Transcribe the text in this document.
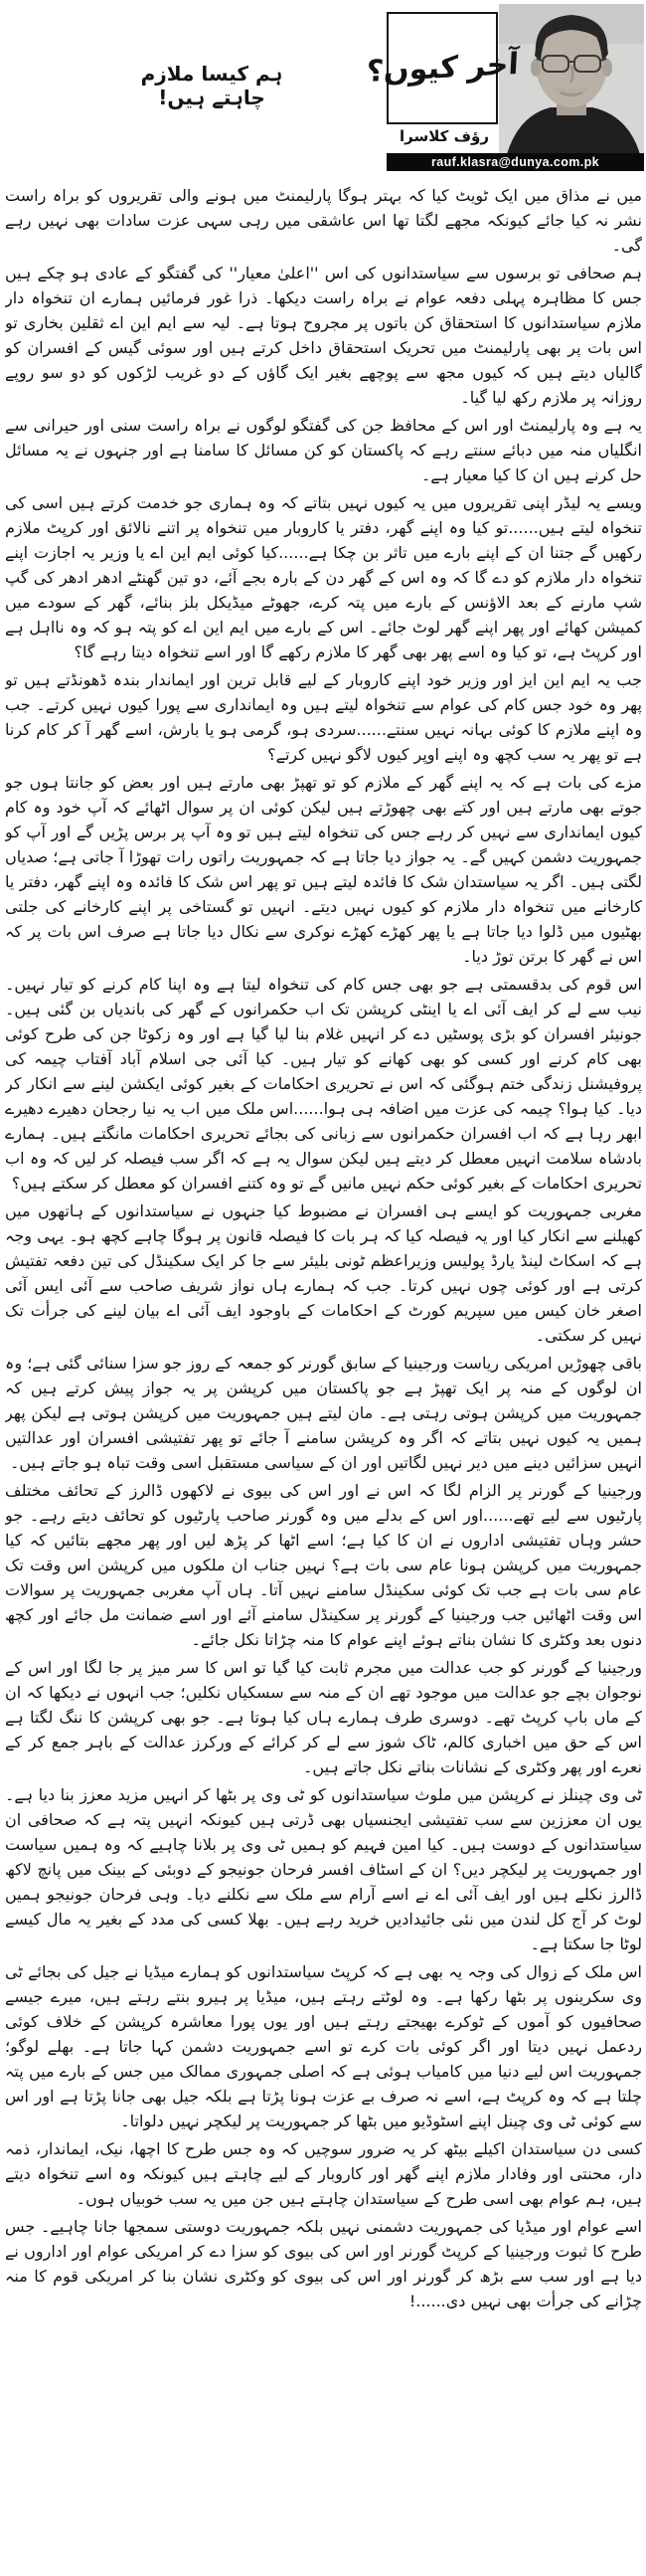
آخر کیوں؟
رؤف کلاسرا
rauf.klasra@dunya.com.pk
ہم کیسا ملازم چاہتے ہیں!

میں نے مذاق میں ایک ٹویٹ کیا کہ بہتر ہوگا پارلیمنٹ میں ہونے والی تقریروں کو براہ راست نشر نہ کیا جائے کیونکہ مجھے لگتا تھا اس عاشقی میں رہی سہی عزت سادات بھی نہیں رہے گی۔

ہم صحافی تو برسوں سے سیاستدانوں کی اس ''اعلیٰ معیار'' کی گفتگو کے عادی ہو چکے ہیں جس کا مظاہرہ پہلی دفعہ عوام نے براہ راست دیکھا۔ ذرا غور فرمائیں ہمارے ان تنخواہ دار ملازم سیاستدانوں کا استحقاق کن باتوں پر مجروح ہوتا ہے۔ لیہ سے ایم این اے ثقلین بخاری تو اس بات پر بھی پارلیمنٹ میں تحریک استحقاق داخل کرتے ہیں اور سوئی گیس کے افسران کو گالیاں دیتے ہیں کہ کیوں مجھ سے پوچھے بغیر ایک گاؤں کے دو غریب لڑکوں کو دو سو روپے روزانہ پر ملازم رکھ لیا گیا۔

یہ ہے وہ پارلیمنٹ اور اس کے محافظ جن کی گفتگو لوگوں نے براہ راست سنی اور حیرانی سے انگلیاں منہ میں دبائے سنتے رہے کہ پاکستان کو کن مسائل کا سامنا ہے اور جنہوں نے یہ مسائل حل کرنے ہیں ان کا کیا معیار ہے۔

ویسے یہ لیڈر اپنی تقریروں میں یہ کیوں نہیں بتاتے کہ وہ ہماری جو خدمت کرتے ہیں اسی کی تنخواہ لیتے ہیں......تو کیا وہ اپنے گھر، دفتر یا کاروبار میں تنخواہ پر اتنے نالائق اور کرپٹ ملازم رکھیں گے جتنا ان کے اپنے بارے میں تاثر بن چکا ہے......کیا کوئی ایم این اے یا وزیر یہ اجازت اپنے تنخواہ دار ملازم کو دے گا کہ وہ اس کے گھر دن کے بارہ بجے آئے، دو تین گھنٹے ادھر ادھر کی گپ شپ مارنے کے بعد الاؤنس کے بارے میں پتہ کرے، جھوٹے میڈیکل بلز بنائے، گھر کے سودے میں کمیشن کھائے اور پھر اپنے گھر لوٹ جائے۔ اس کے بارے میں ایم این اے کو پتہ ہو کہ وہ نااہل ہے اور کرپٹ ہے، تو کیا وہ اسے پھر بھی گھر کا ملازم رکھے گا اور اسے تنخواہ دیتا رہے گا؟

جب یہ ایم این ایز اور وزیر خود اپنے کاروبار کے لیے قابل ترین اور ایماندار بندہ ڈھونڈتے ہیں تو پھر وہ خود جس کام کی عوام سے تنخواہ لیتے ہیں وہ ایمانداری سے پورا کیوں نہیں کرتے۔ جب وہ اپنے ملازم کا کوئی بہانہ نہیں سنتے......سردی ہو، گرمی ہو یا بارش، اسے گھر آ کر کام کرنا ہے تو پھر یہ سب کچھ وہ اپنے اوپر کیوں لاگو نہیں کرتے؟

مزے کی بات ہے کہ یہ اپنے گھر کے ملازم کو تو تھپڑ بھی مارتے ہیں اور بعض کو جانتا ہوں جو جوتے بھی مارتے ہیں اور کتے بھی چھوڑتے ہیں لیکن کوئی ان پر سوال اٹھائے کہ آپ خود وہ کام کیوں ایمانداری سے نہیں کر رہے جس کی تنخواہ لیتے ہیں تو وہ آپ پر برس پڑیں گے اور آپ کو جمہوریت دشمن کہیں گے۔ یہ جواز دیا جاتا ہے کہ جمہوریت راتوں رات تھوڑا آ جاتی ہے؛ صدیاں لگتی ہیں۔ اگر یہ سیاستدان شک کا فائدہ لیتے ہیں تو پھر اس شک کا فائدہ وہ اپنے گھر، دفتر یا کارخانے میں تنخواہ دار ملازم کو کیوں نہیں دیتے۔ انہیں تو گستاخی پر اپنے کارخانے کی جلتی بھٹیوں میں ڈلوا دیا جاتا ہے یا پھر کھڑے کھڑے نوکری سے نکال دیا جاتا ہے صرف اس بات پر کہ اس نے گھر کا برتن توڑ دیا۔

اس قوم کی بدقسمتی ہے جو بھی جس کام کی تنخواہ لیتا ہے وہ اپنا کام کرنے کو تیار نہیں۔ نیب سے لے کر ایف آئی اے یا اینٹی کرپشن تک اب حکمرانوں کے گھر کی باندیاں بن گئی ہیں۔ جونیئر افسران کو بڑی پوسٹیں دے کر انہیں غلام بنا لیا گیا ہے اور وہ زکوٹا جن کی طرح کوئی بھی کام کرنے اور کسی کو بھی کھانے کو تیار ہیں۔ کیا آئی جی اسلام آباد آفتاب چیمہ کی پروفیشنل زندگی ختم ہوگئی کہ اس نے تحریری احکامات کے بغیر کوئی ایکشن لینے سے انکار کر دیا۔ کیا ہوا؟ چیمہ کی عزت میں اضافہ ہی ہوا......اس ملک میں اب یہ نیا رجحان دھیرے دھیرے ابھر رہا ہے کہ اب افسران حکمرانوں سے زبانی کی بجائے تحریری احکامات مانگتے ہیں۔ ہمارے بادشاہ سلامت انہیں معطل کر دیتے ہیں لیکن سوال یہ ہے کہ اگر سب فیصلہ کر لیں کہ وہ اب تحریری احکامات کے بغیر کوئی حکم نہیں مانیں گے تو وہ کتنے افسران کو معطل کر سکتے ہیں؟

مغربی جمہوریت کو ایسے ہی افسران نے مضبوط کیا جنہوں نے سیاستدانوں کے ہاتھوں میں کھیلنے سے انکار کیا اور یہ فیصلہ کیا کہ ہر بات کا فیصلہ قانون پر ہوگا چاہے کچھ ہو۔ یہی وجہ ہے کہ اسکاٹ لینڈ یارڈ پولیس وزیراعظم ٹونی بلیئر سے جا کر ایک سکینڈل کی تین دفعہ تفتیش کرتی ہے اور کوئی چوں نہیں کرتا۔ جب کہ ہمارے ہاں نواز شریف صاحب سے آئی ایس آئی اصغر خان کیس میں سپریم کورٹ کے احکامات کے باوجود ایف آئی اے بیان لینے کی جرأت تک نہیں کر سکتی۔

باقی چھوڑیں امریکی ریاست ورجینیا کے سابق گورنر کو جمعہ کے روز جو سزا سنائی گئی ہے؛ وہ ان لوگوں کے منہ پر ایک تھپڑ ہے جو پاکستان میں کرپشن پر یہ جواز پیش کرتے ہیں کہ جمہوریت میں کرپشن ہوتی رہتی ہے۔ مان لیتے ہیں جمہوریت میں کرپشن ہوتی ہے لیکن پھر ہمیں یہ کیوں نہیں بتاتے کہ اگر وہ کرپشن سامنے آ جائے تو پھر تفتیشی افسران اور عدالتیں انہیں سزائیں دینے میں دیر نہیں لگاتیں اور ان کے سیاسی مستقبل اسی وقت تباہ ہو جاتے ہیں۔

ورجینیا کے گورنر پر الزام لگا کہ اس نے اور اس کی بیوی نے لاکھوں ڈالرز کے تحائف مختلف پارٹیوں سے لیے تھے......اور اس کے بدلے میں وہ گورنر صاحب پارٹیوں کو تحائف دیتے رہے۔ جو حشر وہاں تفتیشی اداروں نے ان کا کیا ہے؛ اسے اٹھا کر پڑھ لیں اور پھر مجھے بتائیں کہ کیا جمہوریت میں کرپشن ہونا عام سی بات ہے؟ نہیں جناب ان ملکوں میں کرپشن اس وقت تک عام سی بات ہے جب تک کوئی سکینڈل سامنے نہیں آتا۔ ہاں آپ مغربی جمہوریت پر سوالات اس وقت اٹھائیں جب ورجینیا کے گورنر پر سکینڈل سامنے آئے اور اسے ضمانت مل جائے اور کچھ دنوں بعد وکٹری کا نشان بناتے ہوئے اپنے عوام کا منہ چڑاتا نکل جائے۔

ورجینیا کے گورنر کو جب عدالت میں مجرم ثابت کیا گیا تو اس کا سر میز پر جا لگا اور اس کے نوجوان بچے جو عدالت میں موجود تھے ان کے منہ سے سسکیاں نکلیں؛ جب انہوں نے دیکھا کہ ان کے ماں باپ کرپٹ تھے۔ دوسری طرف ہمارے ہاں کیا ہوتا ہے۔ جو بھی کرپشن کا ننگ لگتا ہے اس کے حق میں اخباری کالم، ٹاک شوز سے لے کر کرائے کے ورکرز عدالت کے باہر جمع کر کے نعرے اور پھر وکٹری کے نشانات بناتے نکل جاتے ہیں۔

ٹی وی چینلز نے کرپشن میں ملوث سیاستدانوں کو ٹی وی پر بٹھا کر انہیں مزید معزز بنا دیا ہے۔ یوں ان معززین سے سب تفتیشی ایجنسیاں بھی ڈرتی ہیں کیونکہ انہیں پتہ ہے کہ صحافی ان سیاستدانوں کے دوست ہیں۔ کیا امین فہیم کو ہمیں ٹی وی پر بلانا چاہیے کہ وہ ہمیں سیاست اور جمہوریت پر لیکچر دیں؟ ان کے اسٹاف افسر فرحان جونیجو کے دوبئی کے بینک میں پانچ لاکھ ڈالرز نکلے ہیں اور ایف آئی اے نے اسے آرام سے ملک سے نکلنے دیا۔ وہی فرحان جونیجو ہمیں لوٹ کر آج کل لندن میں نئی جائیدادیں خرید رہے ہیں۔ بھلا کسی کی مدد کے بغیر یہ مال کیسے لوٹا جا سکتا ہے۔

اس ملک کے زوال کی وجہ یہ بھی ہے کہ کرپٹ سیاستدانوں کو ہمارے میڈیا نے جیل کی بجائے ٹی وی سکرینوں پر بٹھا رکھا ہے۔ وہ لوٹتے رہتے ہیں، میڈیا پر ہیرو بنتے رہتے ہیں، میرے جیسے صحافیوں کو آموں کے ٹوکرے بھیجتے رہتے ہیں اور یوں پورا معاشرہ کرپشن کے خلاف کوئی ردعمل نہیں دیتا اور اگر کوئی بات کرے تو اسے جمہوریت دشمن کہا جاتا ہے۔ بھلے لوگو؛ جمہوریت اس لیے دنیا میں کامیاب ہوئی ہے کہ اصلی جمہوری ممالک میں جس کے بارے میں پتہ چلتا ہے کہ وہ کرپٹ ہے، اسے نہ صرف بے عزت ہونا پڑتا ہے بلکہ جیل بھی جانا پڑتا ہے اور اس سے کوئی ٹی وی چینل اپنے اسٹوڈیو میں بٹھا کر جمہوریت پر لیکچر نہیں دلواتا۔

کسی دن سیاستدان اکیلے بیٹھ کر یہ ضرور سوچیں کہ وہ جس طرح کا اچھا، نیک، ایماندار، ذمہ دار، محنتی اور وفادار ملازم اپنے گھر اور کاروبار کے لیے چاہتے ہیں کیونکہ وہ اسے تنخواہ دیتے ہیں، ہم عوام بھی اسی طرح کے سیاستدان چاہتے ہیں جن میں یہ سب خوبیاں ہوں۔

اسے عوام اور میڈیا کی جمہوریت دشمنی نہیں بلکہ جمہوریت دوستی سمجھا جانا چاہیے۔ جس طرح کا ثبوت ورجینیا کے کرپٹ گورنر اور اس کی بیوی کو سزا دے کر امریکی عوام اور اداروں نے دیا ہے اور سب سے بڑھ کر گورنر اور اس کی بیوی کو وکٹری نشان بنا کر امریکی قوم کا منہ چڑانے کی جرأت بھی نہیں دی......!
